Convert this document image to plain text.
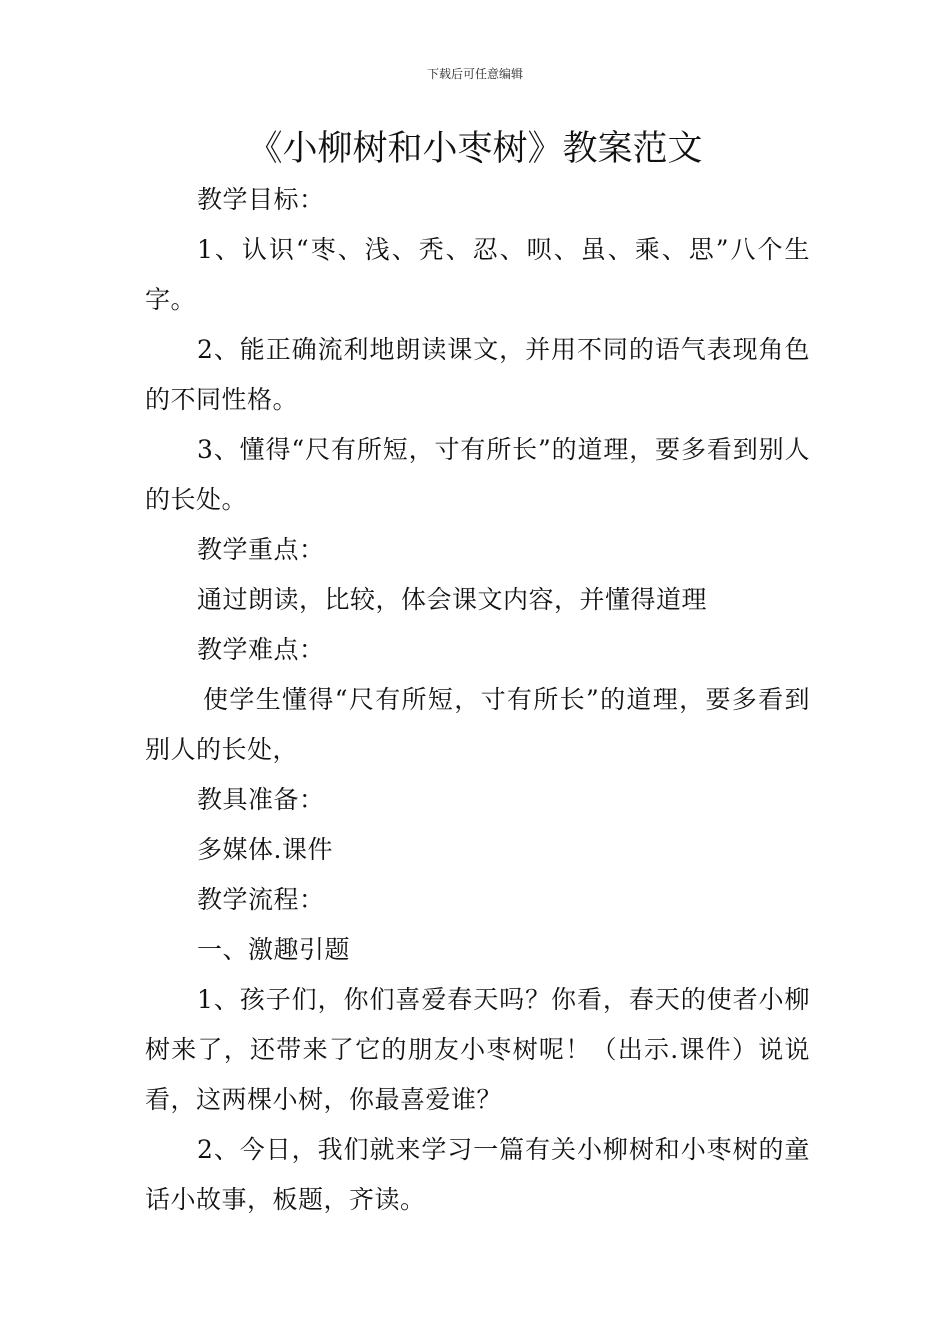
下载后可任意编辑
《小柳树和小枣树》教案范文

教学目标：

1、认识“枣、浅、秃、忍、呗、虽、乘、思”八个生字。

2、能正确流利地朗读课文，并用不同的语气表现角色的不同性格。

3、懂得“尺有所短，寸有所长”的道理，要多看到别人的长处。

教学重点：

通过朗读，比较，体会课文内容，并懂得道理

教学难点：

使学生懂得“尺有所短，寸有所长”的道理，要多看到别人的长处，

教具准备：

多媒体.课件

教学流程：

一、激趣引题

1、孩子们，你们喜爱春天吗？你看，春天的使者小柳树来了，还带来了它的朋友小枣树呢！（出示.课件）说说看，这两棵小树，你最喜爱谁？

2、今日，我们就来学习一篇有关小柳树和小枣树的童话小故事，板题，齐读。
